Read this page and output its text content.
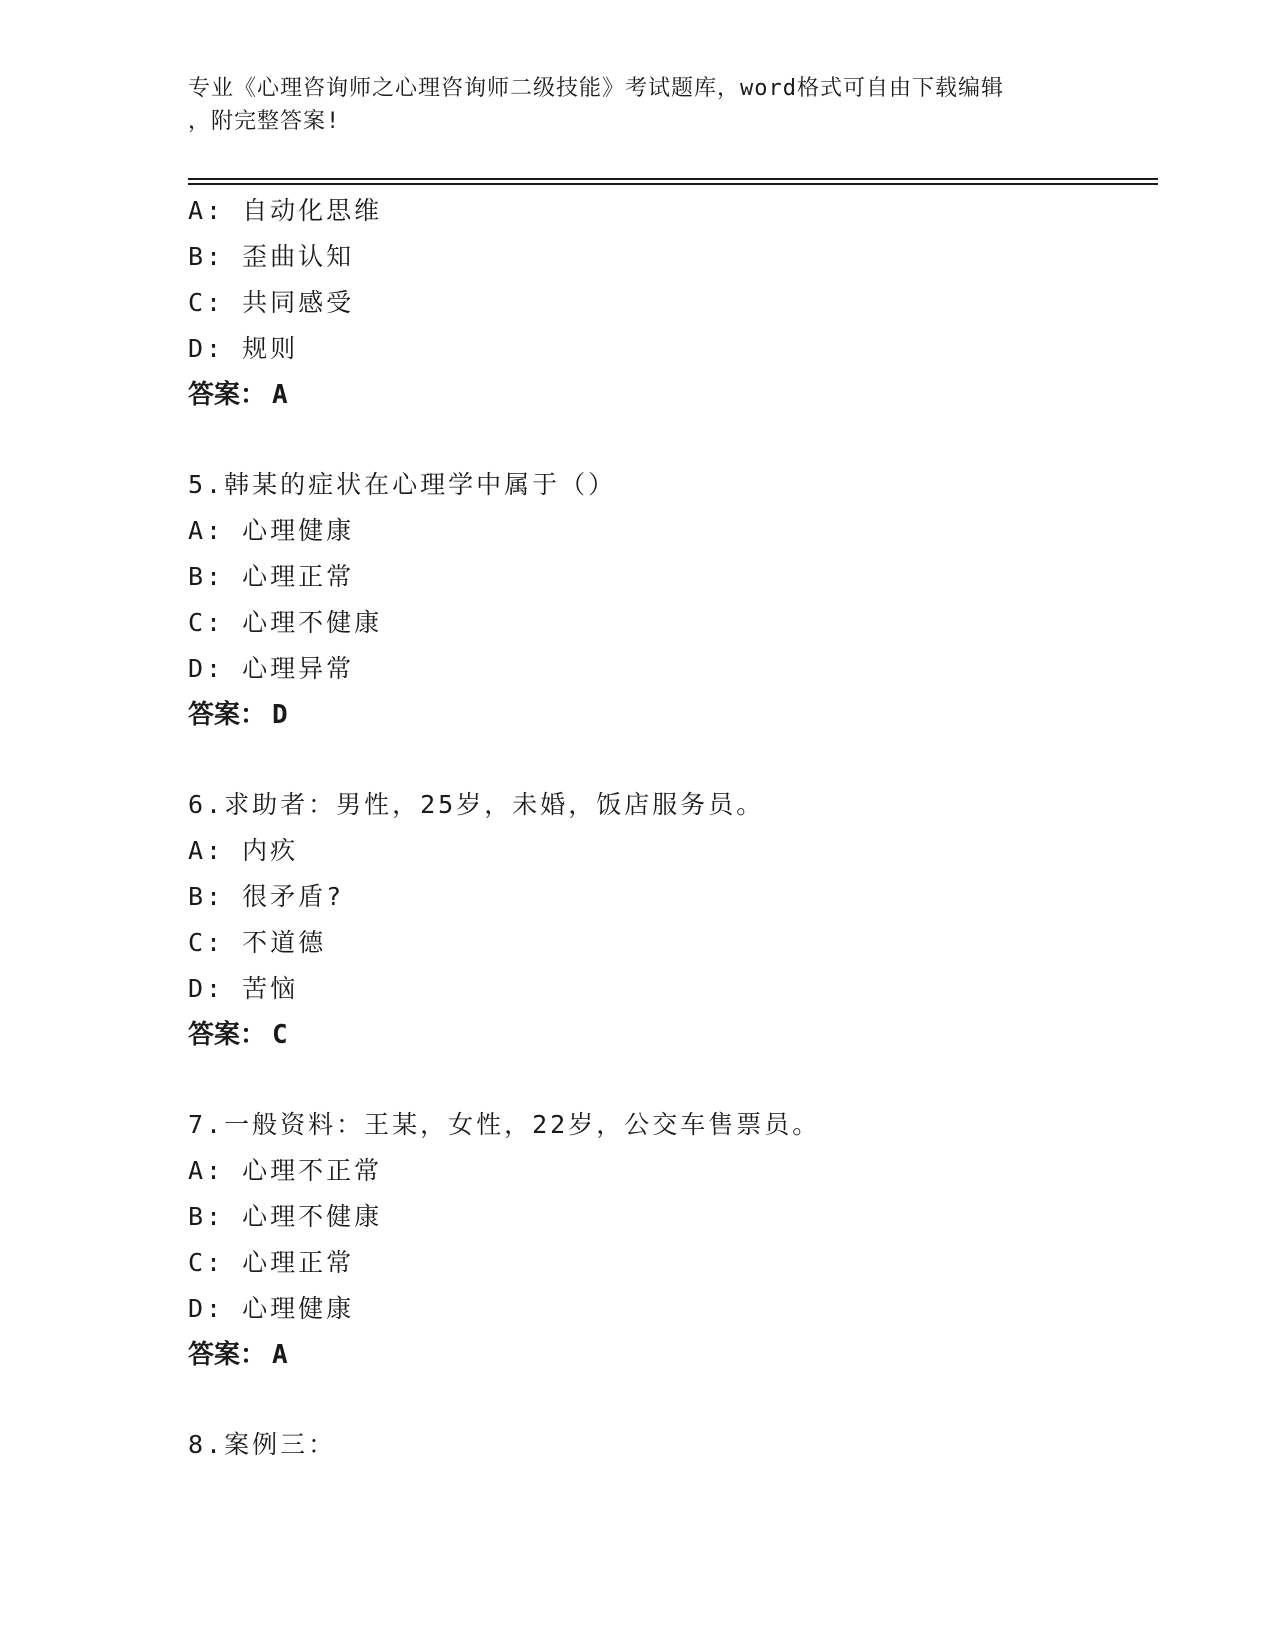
专业《心理咨询师之心理咨询师二级技能》考试题库，word格式可自由下载编辑
，附完整答案!
A: 自动化思维
B: 歪曲认知
C: 共同感受
D: 规则
答案： A
5.韩某的症状在心理学中属于（）
A: 心理健康
B: 心理正常
C: 心理不健康
D: 心理异常
答案： D
6.求助者：男性，25岁，未婚，饭店服务员。
A: 内疚
B: 很矛盾?
C: 不道德
D: 苦恼
答案： C
7.一般资料：王某，女性，22岁，公交车售票员。
A: 心理不正常
B: 心理不健康
C: 心理正常
D: 心理健康
答案： A
8.案例三：
